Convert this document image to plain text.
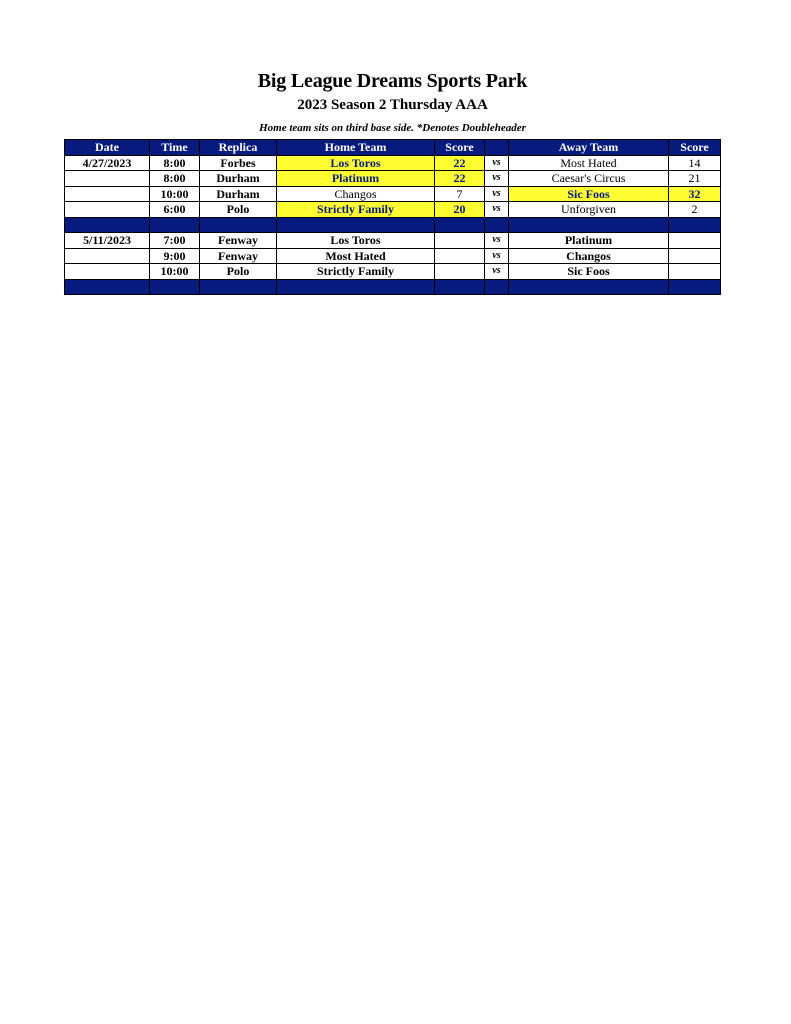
Big League Dreams Sports Park
2023 Season 2 Thursday AAA
Home team sits on third base side. *Denotes Doubleheader
Date	Time	Replica	Home Team	Score		Away Team	Score
4/27/2023	8:00	Forbes	Los Toros	22	vs	Most Hated	14
	8:00	Durham	Platinum	22	vs	Caesar's Circus	21
	10:00	Durham	Changos	7	vs	Sic Foos	32
	6:00	Polo	Strictly Family	20	vs	Unforgiven	2

5/11/2023	7:00	Fenway	Los Toros		vs	Platinum	
	9:00	Fenway	Most Hated		vs	Changos	
	10:00	Polo	Strictly Family		vs	Sic Foos	
